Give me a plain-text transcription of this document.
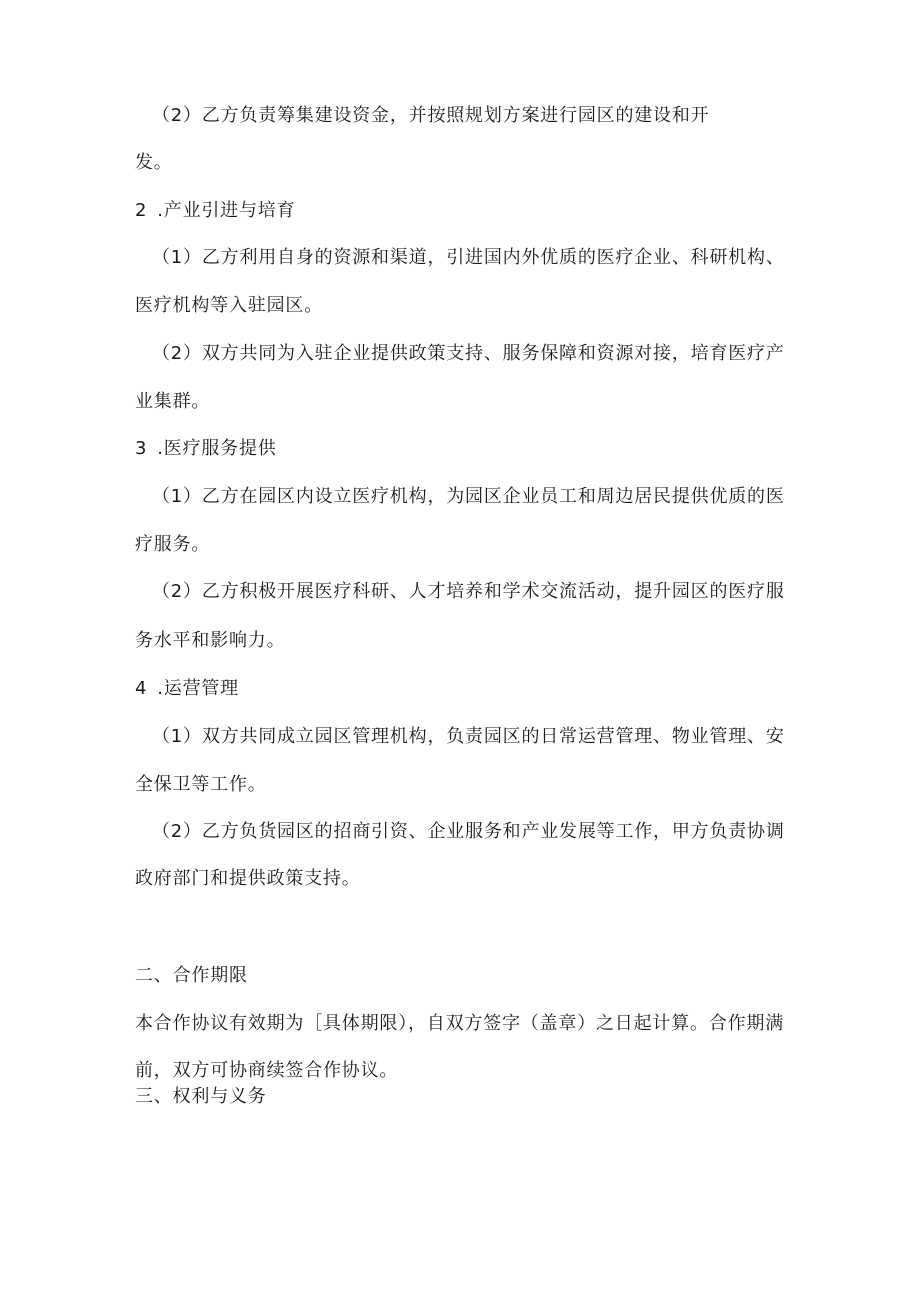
（2）乙方负责筹集建设资金，并按照规划方案进行园区的建设和开
发。
2 .产业引进与培育
（1）乙方利用自身的资源和渠道，引进国内外优质的医疗企业、科研机构、
医疗机构等入驻园区。
（2）双方共同为入驻企业提供政策支持、服务保障和资源对接，培育医疗产
业集群。
3 .医疗服务提供
（1）乙方在园区内设立医疗机构，为园区企业员工和周边居民提供优质的医
疗服务。
（2）乙方积极开展医疗科研、人才培养和学术交流活动，提升园区的医疗服
务水平和影响力。
4 .运营管理
（1）双方共同成立园区管理机构，负责园区的日常运营管理、物业管理、安
全保卫等工作。
（2）乙方负货园区的招商引资、企业服务和产业发展等工作，甲方负责协调
政府部门和提供政策支持。
二、合作期限
本合作协议有效期为［具体期限），自双方签字（盖章）之日起计算。合作期满
前，双方可协商续签合作协议。
三、权利与义务
